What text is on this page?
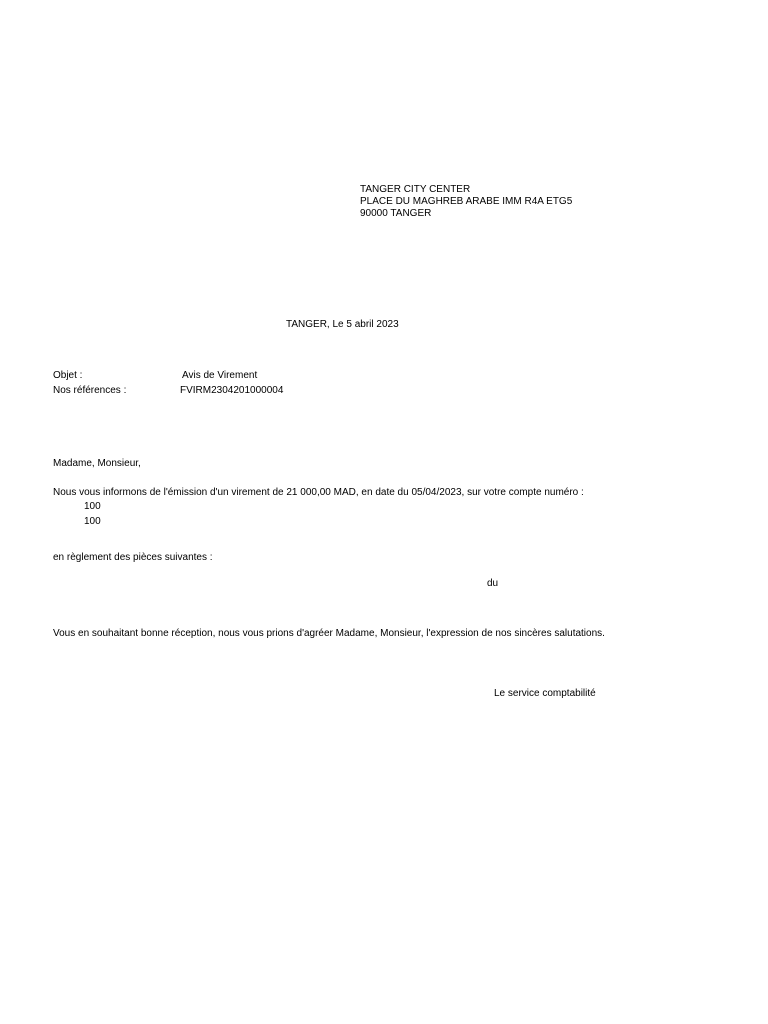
TANGER CITY CENTER
PLACE DU MAGHREB ARABE IMM R4A ETG5
90000 TANGER
TANGER, Le 5 abril 2023
Objet :	Avis de Virement
Nos références :	FVIRM2304201000004
Madame, Monsieur,
Nous vous informons de l'émission d'un virement de 21 000,00 MAD, en date du 05/04/2023, sur votre compte numéro :
100
100
en règlement des pièces suivantes :
du
Vous en souhaitant bonne réception, nous vous prions d'agréer Madame, Monsieur, l'expression de nos sincères salutations.
Le service comptabilité
